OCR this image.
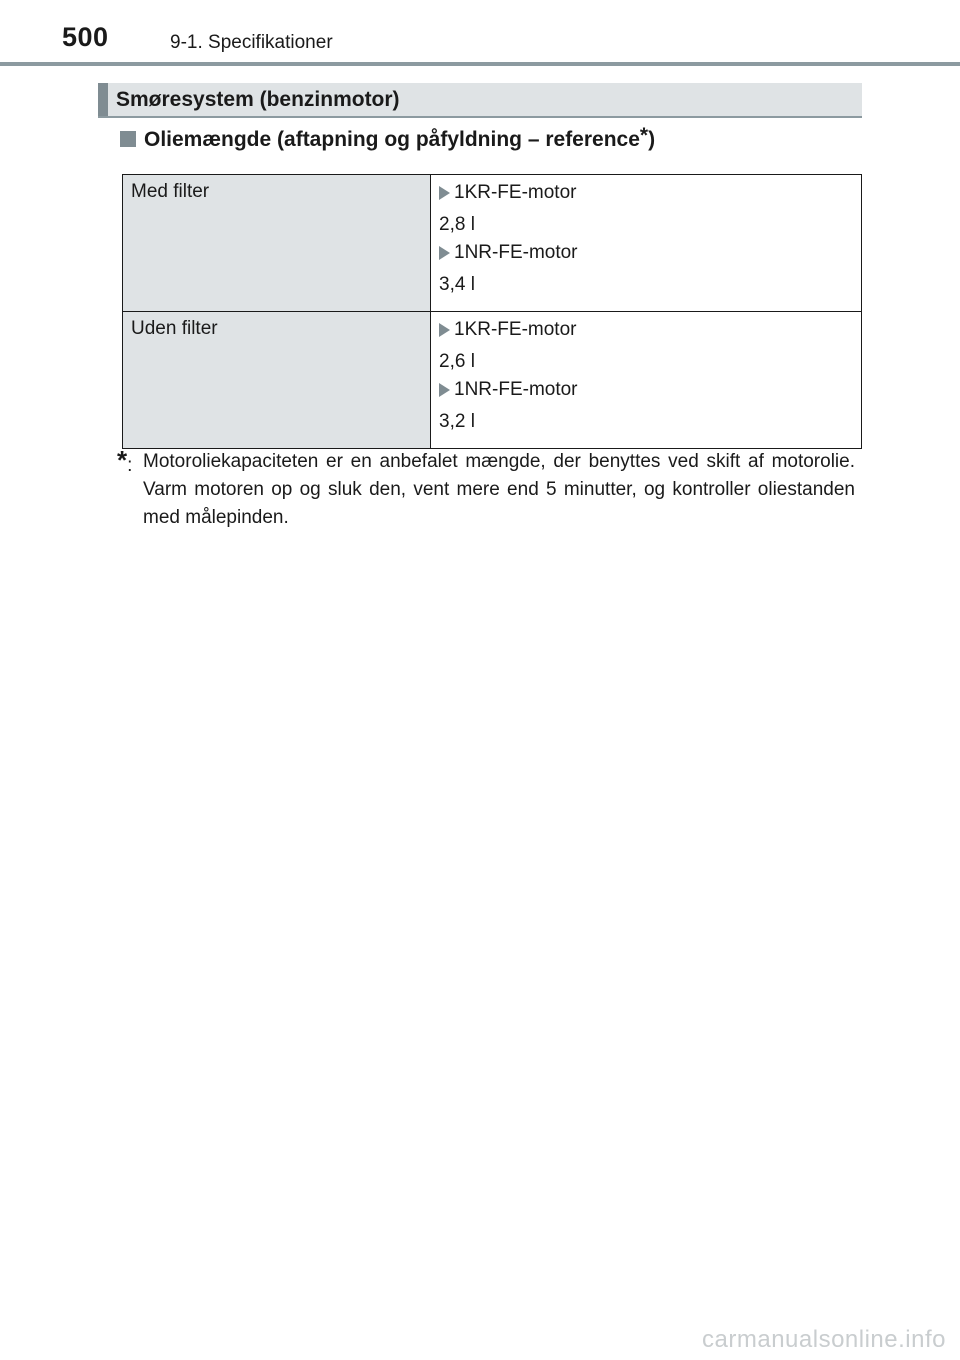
500	9-1. Specifikationer
Smøresystem (benzinmotor)
Oliemængde (aftapning og påfyldning – reference* )
Med filter	1KR-FE-motor
2,8 l
1NR-FE-motor
3,4 l

Uden filter	1KR-FE-motor
2,6 l
1NR-FE-motor
3,2 l
*: Motoroliekapaciteten er en anbefalet mængde, der benyttes ved skift af motorolie. Varm motoren op og sluk den, vent mere end 5 minutter, og kontroller oliestanden med målepinden.
carmanualsonline.info
